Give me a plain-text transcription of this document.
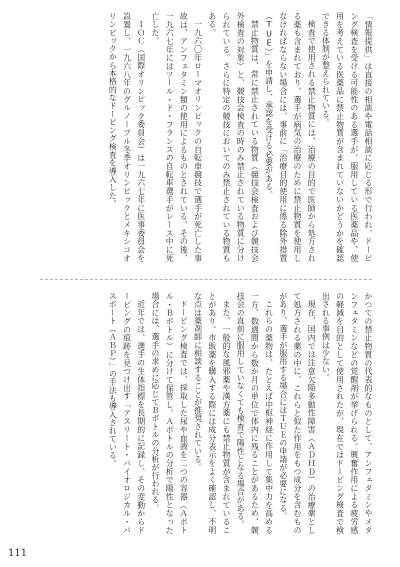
「情報提供」は直接の相談や電話相談に応じる形で行われ、ドーピング検査を受ける可能性のある選手が、服用している医薬品や、使用を考えている医薬品に禁止物質が含まれていないかどうかを確認できる体制が整えられている。

検査で使用される禁止物質には、治療の目的で医師から処方される薬も含まれており、選手が病気の治療のために禁止物質を使用しなければならない場合には、事前に「治療目的使用に係る除外措置（TUE）」を申請し、承認を受ける必要がある。

禁止物質は、常に禁止されている物質（競技会検査および競技会外検査の対象）と、競技会検査の時のみ禁止されている物質に分けられている。さらに特定の競技においてのみ禁止されている物質もある。

一九六〇年ローマオリンピックの自転車競技で選手が死亡した事故は、アンフェタミン類の使用によるものとされている。その後、一九六七年にはツール・ド・フランスの自転車選手がレース中に死亡した。

ＩＯＣ（国際オリンピック委員会）は一九六七年に医事委員会を設置し、一九六八年のグルノーブル冬季オリンピックとメキシコオリンピックから本格的なドーピング検査を導入した。

かつての禁止物質の代表的なものとして、アンフェタミンやメタンフェタミンなどの覚醒剤が挙げられる。興奮作用による疲労感の軽減を目的として使用されたが、現在ではドーピング検査で検出される事例は少ない。

現在、国内では注意欠陥多動性障害（ＡＤＨＤ）の治療薬として処方される薬の中に、これらと似た作用をもつ成分を含むものがあり、選手が服用する場合にはＴＵＥの申請が必要になる。

これらの薬物は、たとえば中枢神経に作用して集中力を高める一方、数週間から数か月の単位で体内に残ることがあるため、競技会の直前に服用していなくても検査で陽性となる場合がある。

また、一般的な風邪薬や漢方薬にも禁止物質が含まれていることがあり、市販薬を購入する際には成分表示をよく確認し、不明な点は薬剤師に相談することが推奨されている。

ドーピング検査では、採取した尿や血液を二つの容器（Ａボトル・Ｂボトル）に分けて保管し、Ａボトルの分析で陽性となった場合には、選手の求めに応じてＢボトルの分析が行われる。

近年では、選手の生体指標を長期的に記録し、その変動からドーピングの痕跡を見つけ出す「アスリート・バイオロジカル・パスポート（ＡＢＰ）」の手法も導入されている。

111
